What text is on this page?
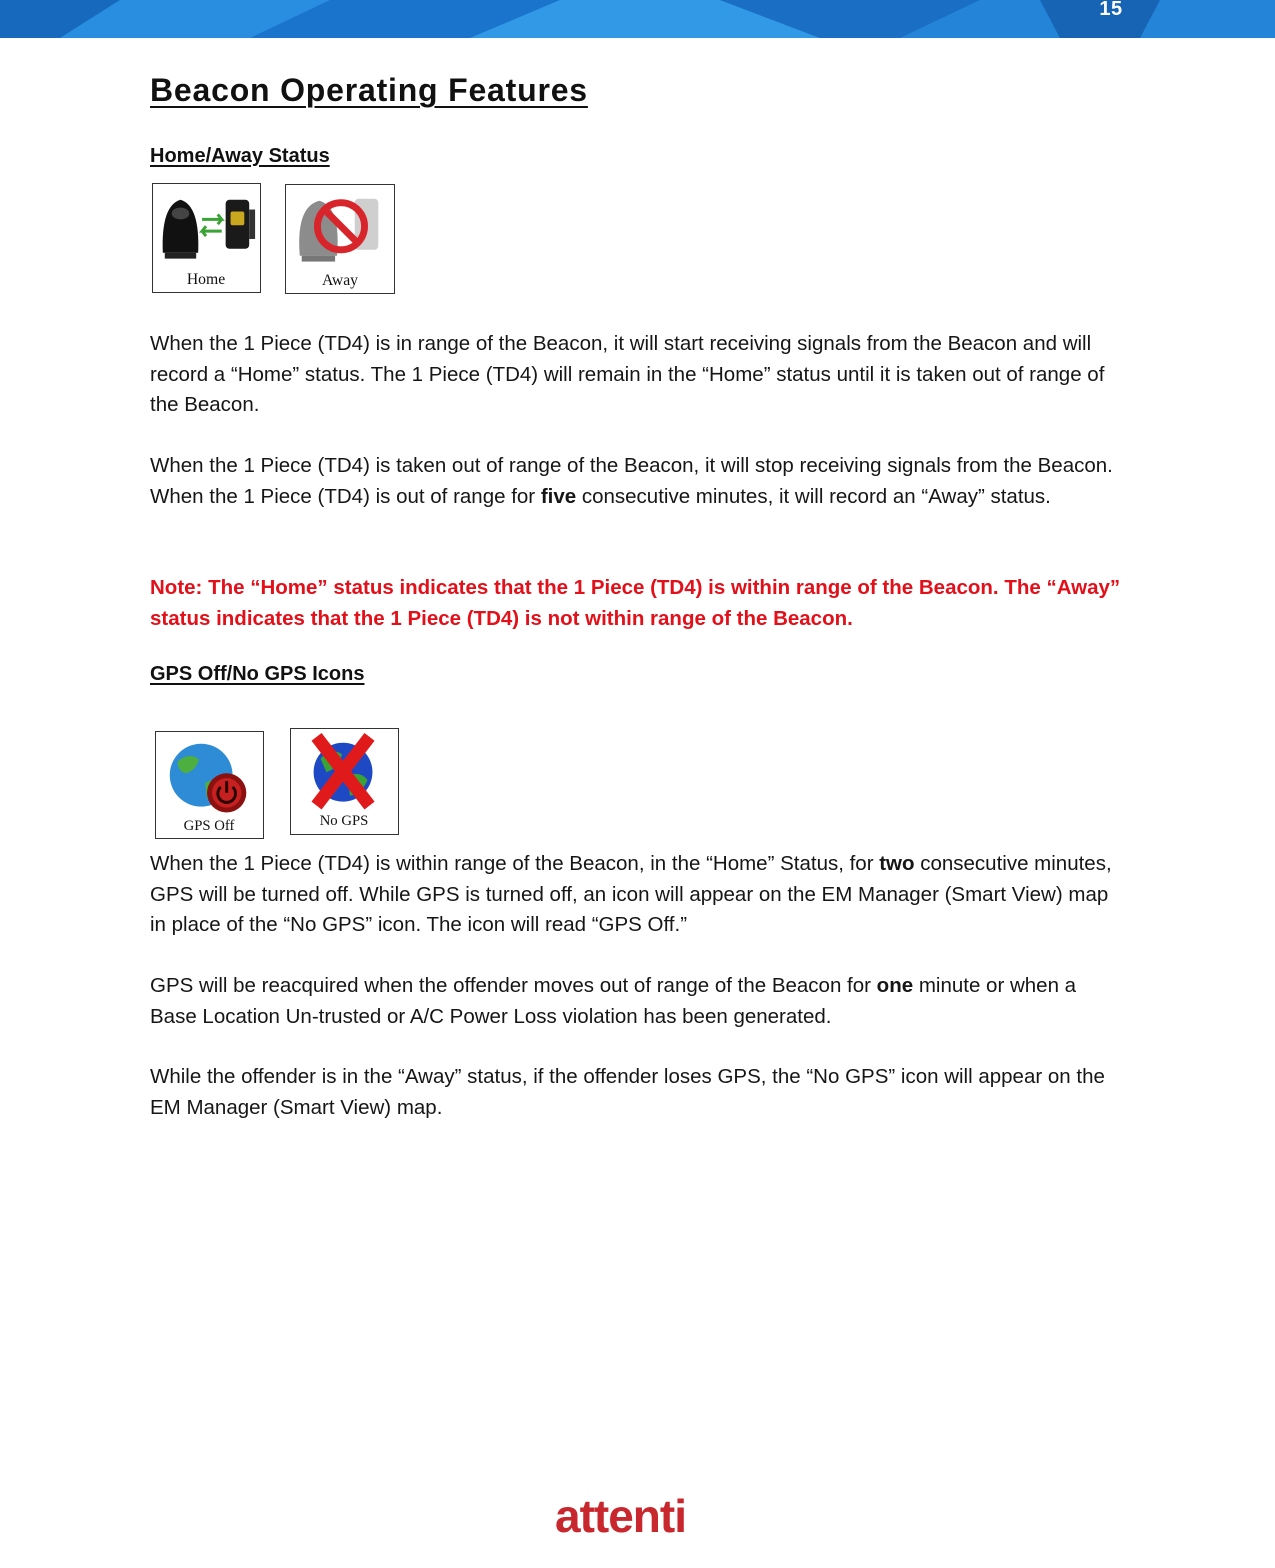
15
Beacon Operating Features
Home/Away Status
Home	Away

When the 1 Piece (TD4) is in range of the Beacon, it will start receiving signals from the Beacon and will record a “Home” status. The 1 Piece (TD4) will remain in the “Home” status until it is taken out of range of the Beacon.

When the 1 Piece (TD4) is taken out of range of the Beacon, it will stop receiving signals from the Beacon. When the 1 Piece (TD4) is out of range for five consecutive minutes, it will record an “Away” status.

Note: The “Home” status indicates that the 1 Piece (TD4) is within range of the Beacon. The “Away” status indicates that the 1 Piece (TD4) is not within range of the Beacon.

GPS Off/No GPS Icons
GPS Off	No GPS

When the 1 Piece (TD4) is within range of the Beacon, in the “Home” Status, for two consecutive minutes, GPS will be turned off. While GPS is turned off, an icon will appear on the EM Manager (Smart View) map in place of the “No GPS” icon. The icon will read “GPS Off.”

GPS will be reacquired when the offender moves out of range of the Beacon for one minute or when a Base Location Un-trusted or A/C Power Loss violation has been generated.

While the offender is in the “Away” status, if the offender loses GPS, the “No GPS” icon will appear on the EM Manager (Smart View) map.

attenti
